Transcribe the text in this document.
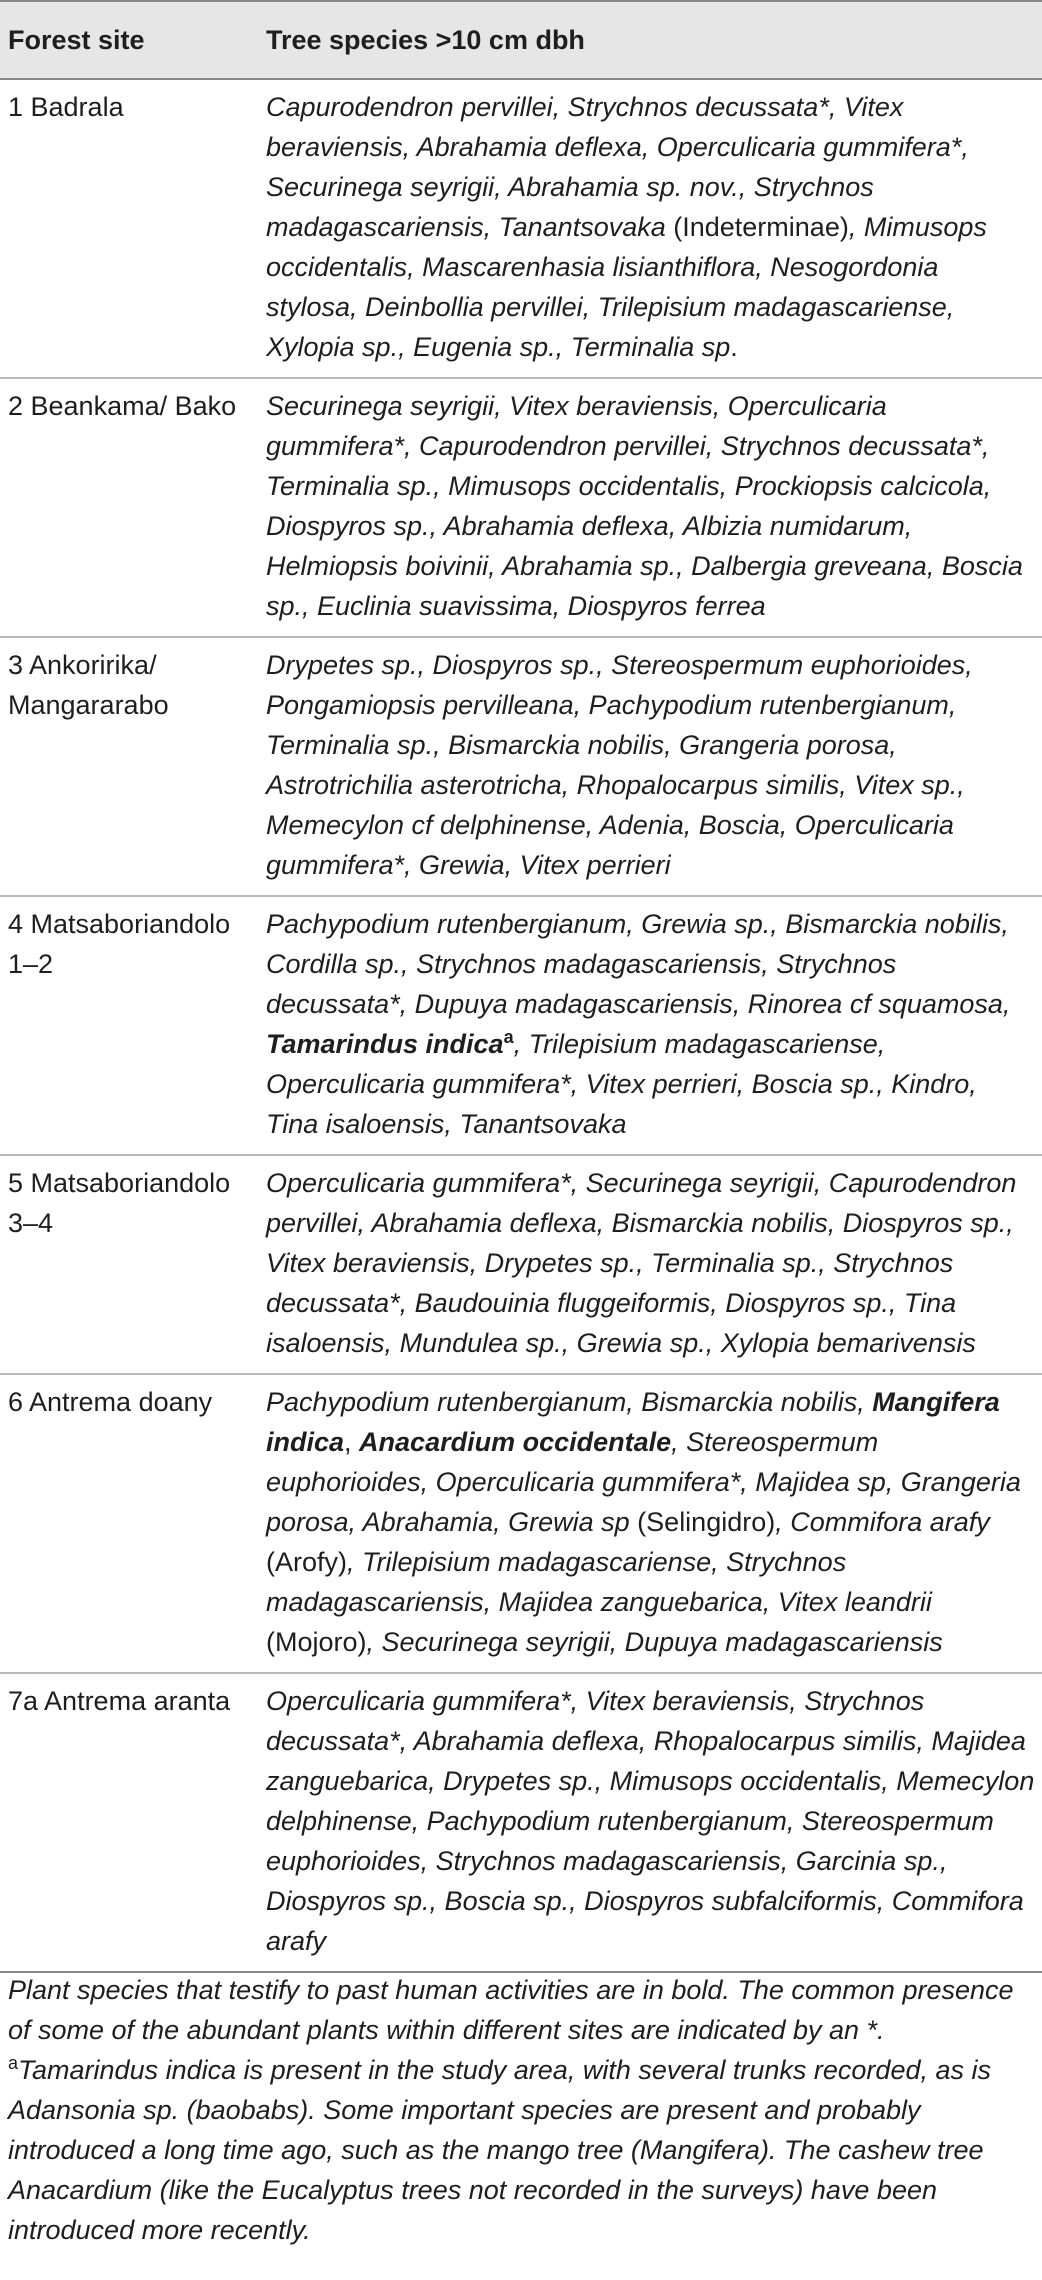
Forest site	Tree species >10 cm dbh
1 Badrala	Capurodendron pervillei, Strychnos decussata*, Vitex beraviensis, Abrahamia deflexa, Operculicaria gummifera*, Securinega seyrigii, Abrahamia sp. nov., Strychnos madagascariensis, Tanantsovaka (Indeterminae), Mimusops occidentalis, Mascarenhasia lisianthiflora, Nesogordonia stylosa, Deinbollia pervillei, Trilepisium madagascariense, Xylopia sp., Eugenia sp., Terminalia sp.
2 Beankama/ Bako	Securinega seyrigii, Vitex beraviensis, Operculicaria gummifera*, Capurodendron pervillei, Strychnos decussata*, Terminalia sp., Mimusops occidentalis, Prockiopsis calcicola, Diospyros sp., Abrahamia deflexa, Albizia numidarum, Helmiopsis boivinii, Abrahamia sp., Dalbergia greveana, Boscia sp., Euclinia suavissima, Diospyros ferrea
3 Ankoririka/ Mangararabo	Drypetes sp., Diospyros sp., Stereospermum euphorioides, Pongamiopsis pervilleana, Pachypodium rutenbergianum, Terminalia sp., Bismarckia nobilis, Grangeria porosa, Astrotrichilia asterotricha, Rhopalocarpus similis, Vitex sp., Memecylon cf delphinense, Adenia, Boscia, Operculicaria gummifera*, Grewia, Vitex perrieri
4 Matsaboriandolo 1–2	Pachypodium rutenbergianum, Grewia sp., Bismarckia nobilis, Cordilla sp., Strychnos madagascariensis, Strychnos decussata*, Dupuya madagascariensis, Rinorea cf squamosa, Tamarindus indica$^a$, Trilepisium madagascariense, Operculicaria gummifera*, Vitex perrieri, Boscia sp., Kindro, Tina isaloensis, Tanantsovaka
5 Matsaboriandolo 3–4	Operculicaria gummifera*, Securinega seyrigii, Capurodendron pervillei, Abrahamia deflexa, Bismarckia nobilis, Diospyros sp., Vitex beraviensis, Drypetes sp., Terminalia sp., Strychnos decussata*, Baudouinia fluggeiformis, Diospyros sp., Tina isaloensis, Mundulea sp., Grewia sp., Xylopia bemarivensis
6 Antrema doany	Pachypodium rutenbergianum, Bismarckia nobilis, Mangifera indica, Anacardium occidentale, Stereospermum euphorioides, Operculicaria gummifera*, Majidea sp, Grangeria porosa, Abrahamia, Grewia sp (Selingidro), Commifora arafy (Arofy), Trilepisium madagascariense, Strychnos madagascariensis, Majidea zanguebarica, Vitex leandrii (Mojoro), Securinega seyrigii, Dupuya madagascariensis
7a Antrema aranta	Operculicaria gummifera*, Vitex beraviensis, Strychnos decussata*, Abrahamia deflexa, Rhopalocarpus similis, Majidea zanguebarica, Drypetes sp., Mimusops occidentalis, Memecylon delphinense, Pachypodium rutenbergianum, Stereospermum euphorioides, Strychnos madagascariensis, Garcinia sp., Diospyros sp., Boscia sp., Diospyros subfalciformis, Commifora arafy

Plant species that testify to past human activities are in bold. The common presence of some of the abundant plants within different sites are indicated by an *.

$^a$Tamarindus indica is present in the study area, with several trunks recorded, as is Adansonia sp. (baobabs). Some important species are present and probably introduced a long time ago, such as the mango tree (Mangifera). The cashew tree Anacardium (like the Eucalyptus trees not recorded in the surveys) have been introduced more recently.
